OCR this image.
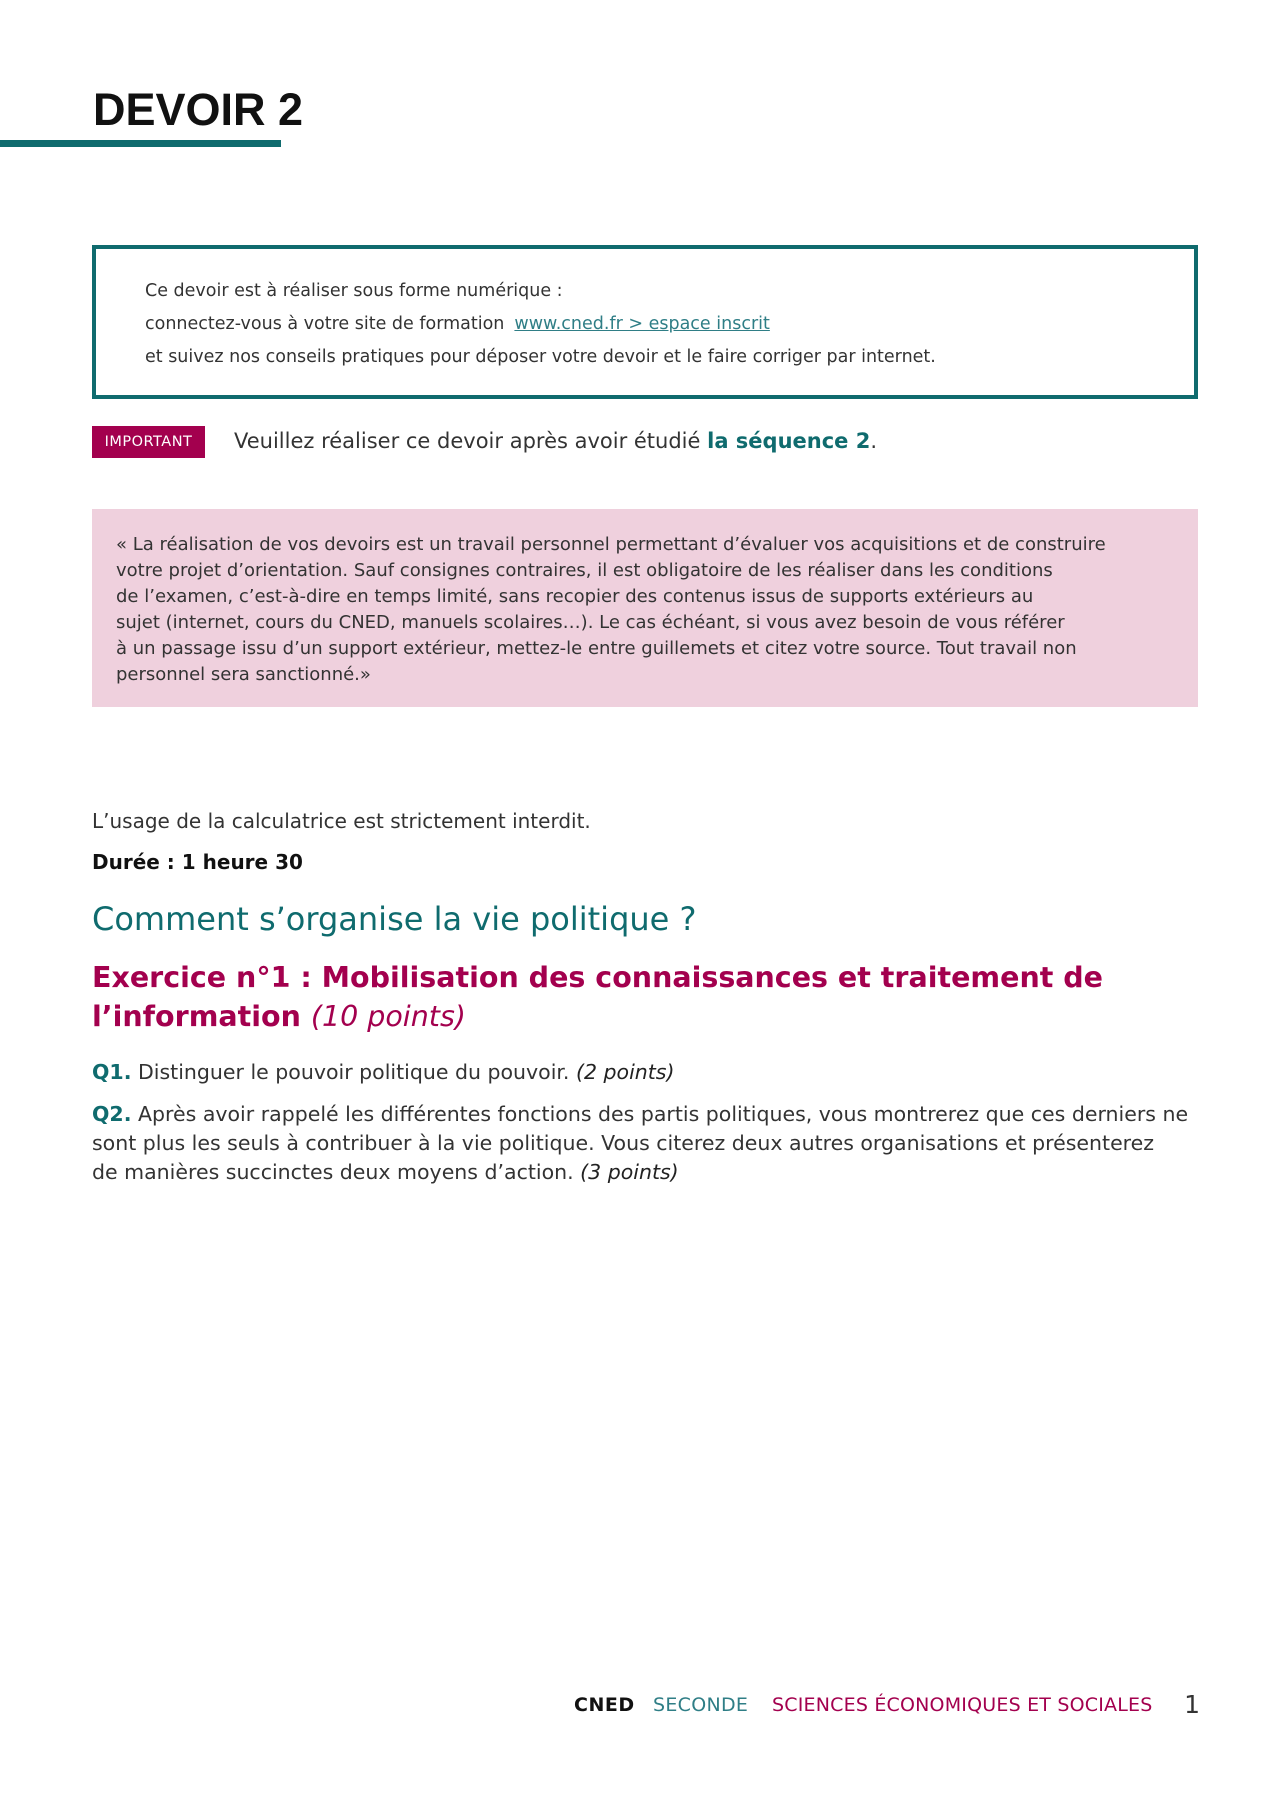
DEVOIR 2

Ce devoir est à réaliser sous forme numérique :

connectez-vous à votre site de formation www.cned.fr > espace inscrit

et suivez nos conseils pratiques pour déposer votre devoir et le faire corriger par internet.

IMPORTANT	Veuillez réaliser ce devoir après avoir étudié la séquence 2.

« La réalisation de vos devoirs est un travail personnel permettant d’évaluer vos acquisitions et de construire

votre projet d’orientation. Sauf consignes contraires, il est obligatoire de les réaliser dans les conditions

de l’examen, c’est-à-dire en temps limité, sans recopier des contenus issus de supports extérieurs au

sujet (internet, cours du CNED, manuels scolaires…). Le cas échéant, si vous avez besoin de vous référer

à un passage issu d’un support extérieur, mettez-le entre guillemets et citez votre source. Tout travail non

personnel sera sanctionné.»

L’usage de la calculatrice est strictement interdit.

Durée : 1 heure 30

Comment s’organise la vie politique ?
Exercice n°1 : Mobilisation des connaissances et traitement de l’information (10 points)

Q1. Distinguer le pouvoir politique du pouvoir. (2 points)

Q2. Après avoir rappelé les différentes fonctions des partis politiques, vous montrerez que ces derniers ne
sont plus les seuls à contribuer à la vie politique. Vous citerez deux autres organisations et présenterez
de manières succinctes deux moyens d’action. (3 points)

CNED SECONDE SCIENCES ÉCONOMIQUES ET SOCIALES 1
